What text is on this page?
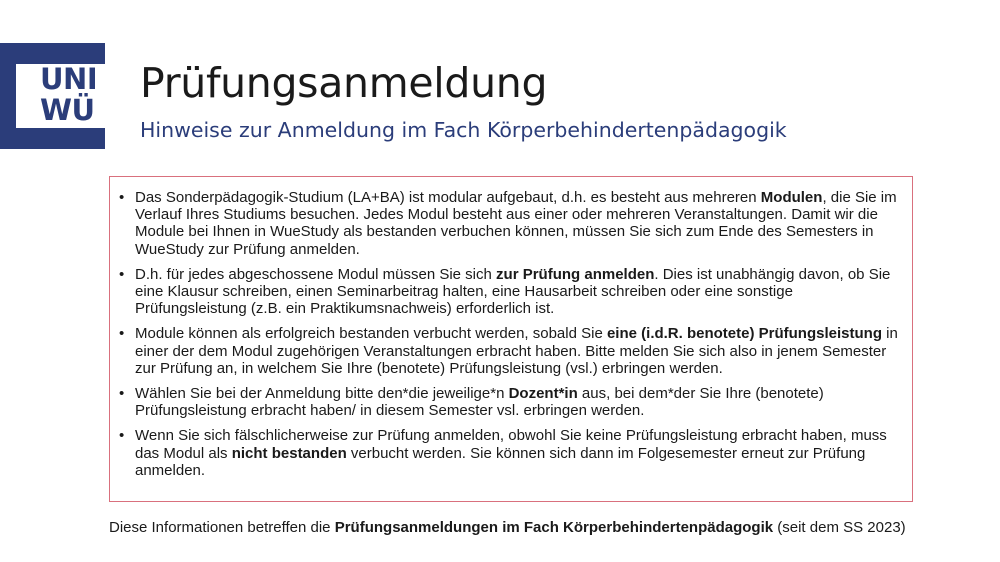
UNI
WÜ
Prüfungsanmeldung
Hinweise zur Anmeldung im Fach Körperbehindertenpädagogik
• Das Sonderpädagogik-Studium (LA+BA) ist modular aufgebaut, d.h. es besteht aus mehreren Modulen, die Sie im Verlauf Ihres Studiums besuchen. Jedes Modul besteht aus einer oder mehreren Veranstaltungen. Damit wir die Module bei Ihnen in WueStudy als bestanden verbuchen können, müssen Sie sich zum Ende des Semesters in WueStudy zur Prüfung anmelden.
• D.h. für jedes abgeschossene Modul müssen Sie sich zur Prüfung anmelden. Dies ist unabhängig davon, ob Sie eine Klausur schreiben, einen Seminarbeitrag halten, eine Hausarbeit schreiben oder eine sonstige Prüfungsleistung (z.B. ein Praktikumsnachweis) erforderlich ist.
• Module können als erfolgreich bestanden verbucht werden, sobald Sie eine (i.d.R. benotete) Prüfungsleistung in einer der dem Modul zugehörigen Veranstaltungen erbracht haben. Bitte melden Sie sich also in jenem Semester zur Prüfung an, in welchem Sie Ihre (benotete) Prüfungsleistung (vsl.) erbringen werden.
• Wählen Sie bei der Anmeldung bitte den*die jeweilige*n Dozent*in aus, bei dem*der Sie Ihre (benotete) Prüfungsleistung erbracht haben/ in diesem Semester vsl. erbringen werden.
• Wenn Sie sich fälschlicherweise zur Prüfung anmelden, obwohl Sie keine Prüfungsleistung erbracht haben, muss das Modul als nicht bestanden verbucht werden. Sie können sich dann im Folgesemester erneut zur Prüfung anmelden.
Diese Informationen betreffen die Prüfungsanmeldungen im Fach Körperbehindertenpädagogik (seit dem SS 2023)
